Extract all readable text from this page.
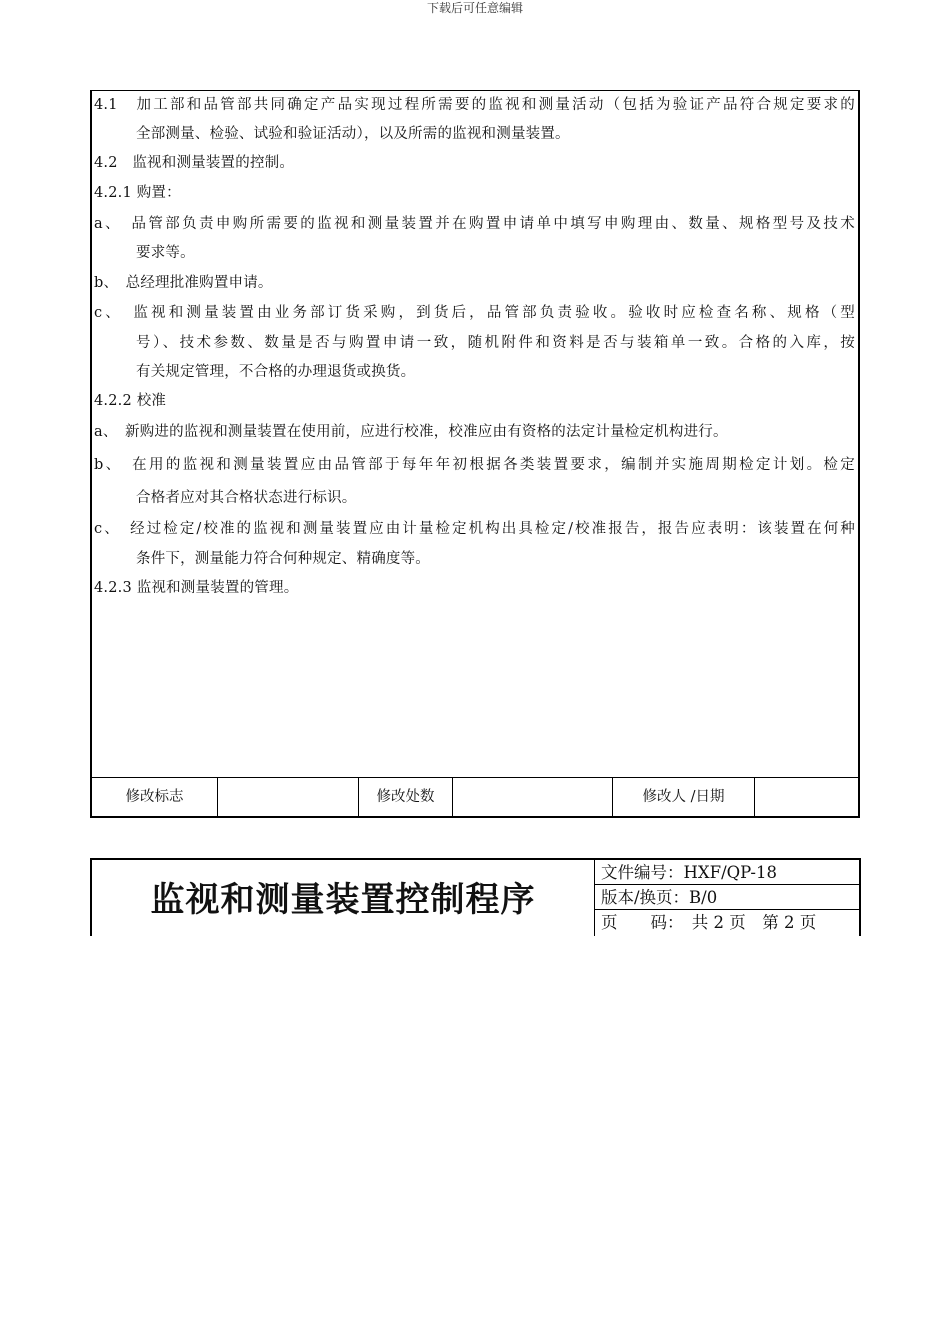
下载后可任意编辑
4.1　加工部和品管部共同确定产品实现过程所需要的监视和测量活动（包括为验证产品符合规定要求的
全部测量、检验、试验和验证活动），以及所需的监视和测量装置。
4.2　监视和测量装置的控制。
4.2.1 购置：
a、　品管部负责申购所需要的监视和测量装置并在购置申请单中填写申购理由、数量、规格型号及技术
要求等。
b、　总经理批准购置申请。
c、　监视和测量装置由业务部订货采购，到货后，品管部负责验收。验收时应检查名称、规格（型
号）、技术参数、数量是否与购置申请一致，随机附件和资料是否与装箱单一致。合格的入库，按
有关规定管理，不合格的办理退货或换货。
4.2.2 校准
a、　新购进的监视和测量装置在使用前，应进行校准，校准应由有资格的法定计量检定机构进行。
b、　在用的监视和测量装置应由品管部于每年年初根据各类装置要求，编制并实施周期检定计划。检定
合格者应对其合格状态进行标识。
c、　经过检定/校准的监视和测量装置应由计量检定机构出具检定/校准报告，报告应表明：该装置在何种
条件下，测量能力符合何种规定、精确度等。
4.2.3 监视和测量装置的管理。
修改标志	修改处数	修改人 /日期
监视和测量装置控制程序
文件编号：HXF/QP-18
版本/换页：B/0
页　　码：　共 2 页　第 2 页
